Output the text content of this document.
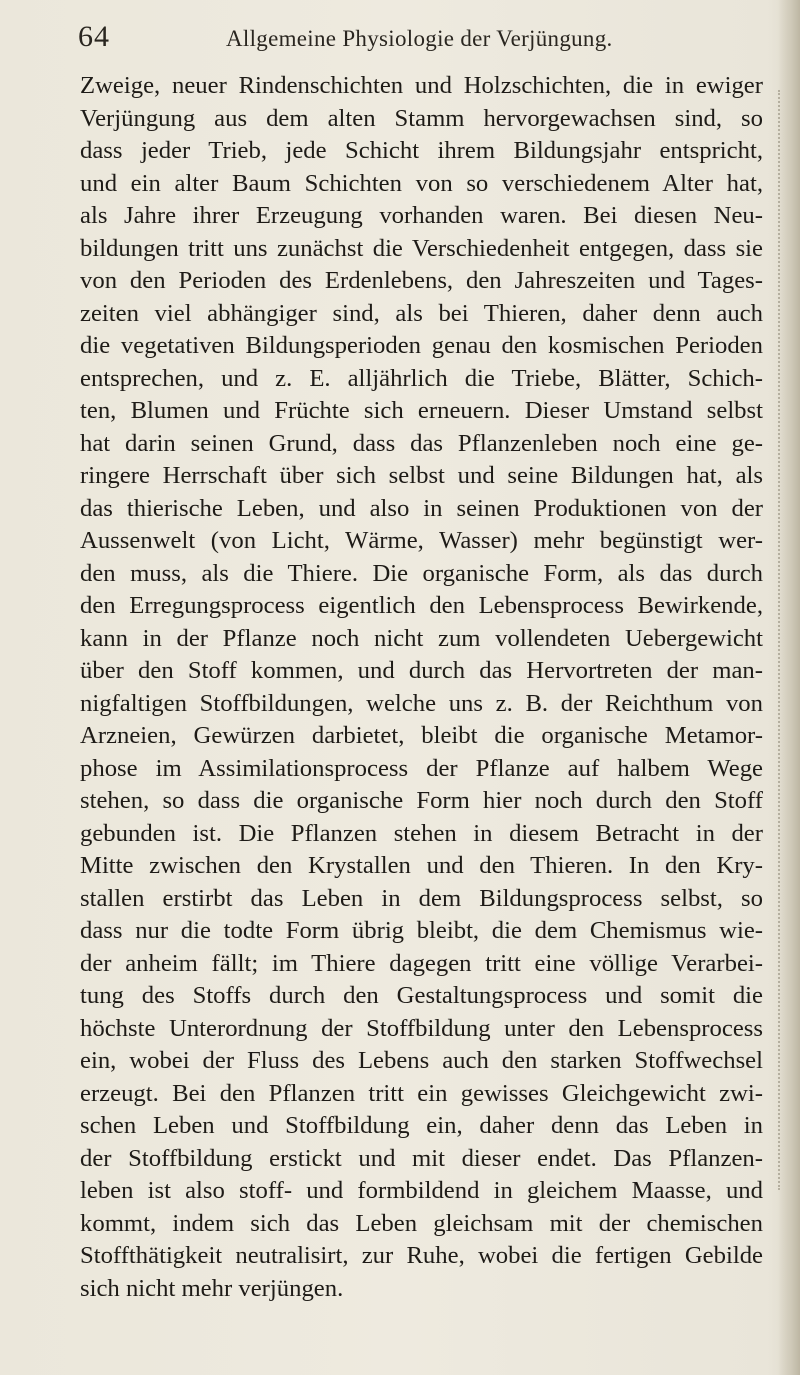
64	Allgemeine Physiologie der Verjüngung.
Zweige, neuer Rindenschichten und Holzschichten, die in ewiger
Verjüngung aus dem alten Stamm hervorgewachsen sind, so
dass jeder Trieb, jede Schicht ihrem Bildungsjahr entspricht,
und ein alter Baum Schichten von so verschiedenem Alter hat,
als Jahre ihrer Erzeugung vorhanden waren. Bei diesen Neu-
bildungen tritt uns zunächst die Verschiedenheit entgegen, dass sie
von den Perioden des Erdenlebens, den Jahreszeiten und Tages-
zeiten viel abhängiger sind, als bei Thieren, daher denn auch
die vegetativen Bildungsperioden genau den kosmischen Perioden
entsprechen, und z. E. alljährlich die Triebe, Blätter, Schich-
ten, Blumen und Früchte sich erneuern. Dieser Umstand selbst
hat darin seinen Grund, dass das Pflanzenleben noch eine ge-
ringere Herrschaft über sich selbst und seine Bildungen hat, als
das thierische Leben, und also in seinen Produktionen von der
Aussenwelt (von Licht, Wärme, Wasser) mehr begünstigt wer-
den muss, als die Thiere. Die organische Form, als das durch
den Erregungsprocess eigentlich den Lebensprocess Bewirkende,
kann in der Pflanze noch nicht zum vollendeten Uebergewicht
über den Stoff kommen, und durch das Hervortreten der man-
nigfaltigen Stoffbildungen, welche uns z. B. der Reichthum von
Arzneien, Gewürzen darbietet, bleibt die organische Metamor-
phose im Assimilationsprocess der Pflanze auf halbem Wege
stehen, so dass die organische Form hier noch durch den Stoff
gebunden ist. Die Pflanzen stehen in diesem Betracht in der
Mitte zwischen den Krystallen und den Thieren. In den Kry-
stallen erstirbt das Leben in dem Bildungsprocess selbst, so
dass nur die todte Form übrig bleibt, die dem Chemismus wie-
der anheim fällt; im Thiere dagegen tritt eine völlige Verarbei-
tung des Stoffs durch den Gestaltungsprocess und somit die
höchste Unterordnung der Stoffbildung unter den Lebensprocess
ein, wobei der Fluss des Lebens auch den starken Stoffwechsel
erzeugt. Bei den Pflanzen tritt ein gewisses Gleichgewicht zwi-
schen Leben und Stoffbildung ein, daher denn das Leben in
der Stoffbildung erstickt und mit dieser endet. Das Pflanzen-
leben ist also stoff- und formbildend in gleichem Maasse, und
kommt, indem sich das Leben gleichsam mit der chemischen
Stoffthätigkeit neutralisirt, zur Ruhe, wobei die fertigen Gebilde
sich nicht mehr verjüngen.
